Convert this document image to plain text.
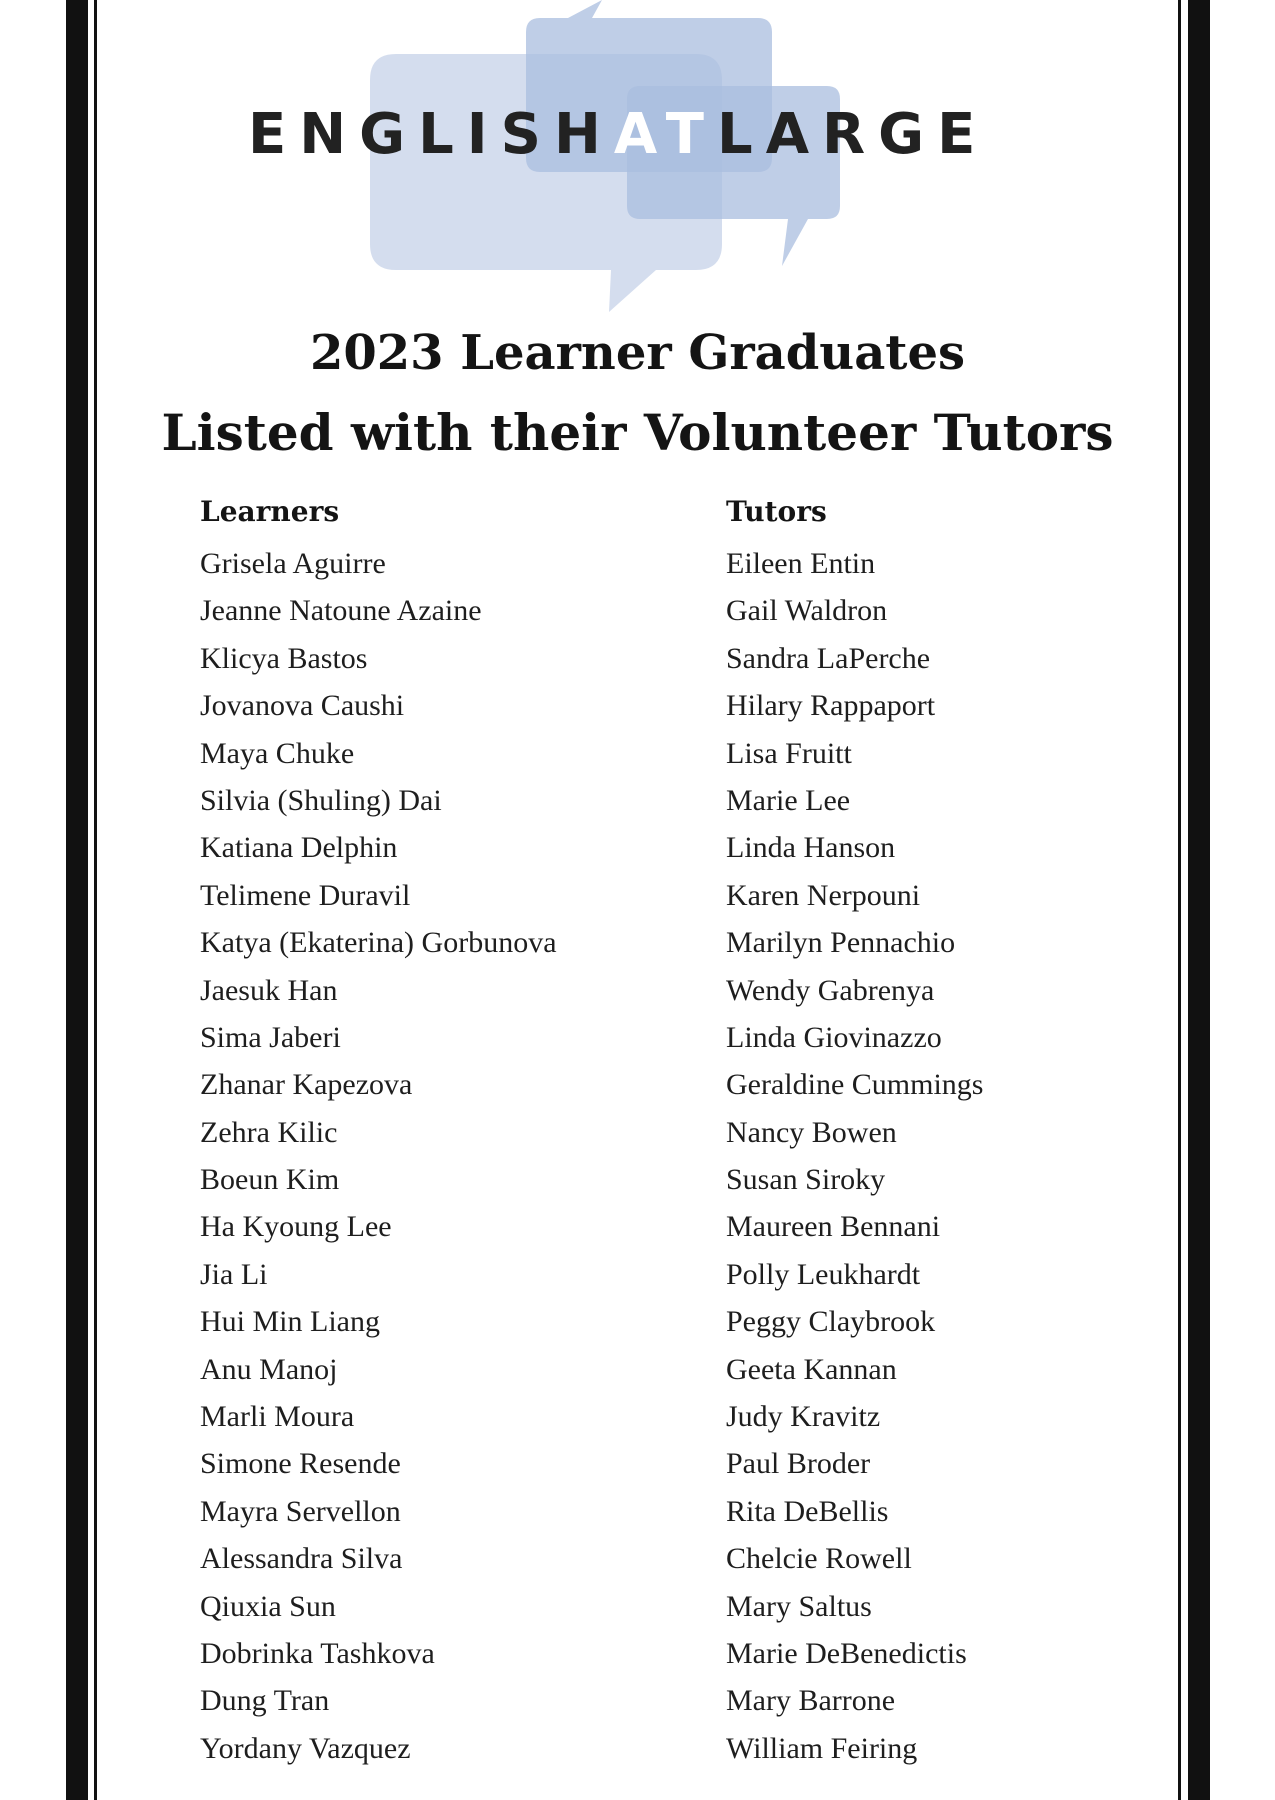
ENGLISHATLARGE
2023 Learner Graduates
Listed with their Volunteer Tutors
Learners
Grisela Aguirre
Jeanne Natoune Azaine
Klicya Bastos
Jovanova Caushi
Maya Chuke
Silvia (Shuling) Dai
Katiana Delphin
Telimene Duravil
Katya (Ekaterina) Gorbunova
Jaesuk Han
Sima Jaberi
Zhanar Kapezova
Zehra Kilic
Boeun Kim
Ha Kyoung Lee
Jia Li
Hui Min Liang
Anu Manoj
Marli Moura
Simone Resende
Mayra Servellon
Alessandra Silva
Qiuxia Sun
Dobrinka Tashkova
Dung Tran
Yordany Vazquez
Tutors
Eileen Entin
Gail Waldron
Sandra LaPerche
Hilary Rappaport
Lisa Fruitt
Marie Lee
Linda Hanson
Karen Nerpouni
Marilyn Pennachio
Wendy Gabrenya
Linda Giovinazzo
Geraldine Cummings
Nancy Bowen
Susan Siroky
Maureen Bennani
Polly Leukhardt
Peggy Claybrook
Geeta Kannan
Judy Kravitz
Paul Broder
Rita DeBellis
Chelcie Rowell
Mary Saltus
Marie DeBenedictis
Mary Barrone
William Feiring
